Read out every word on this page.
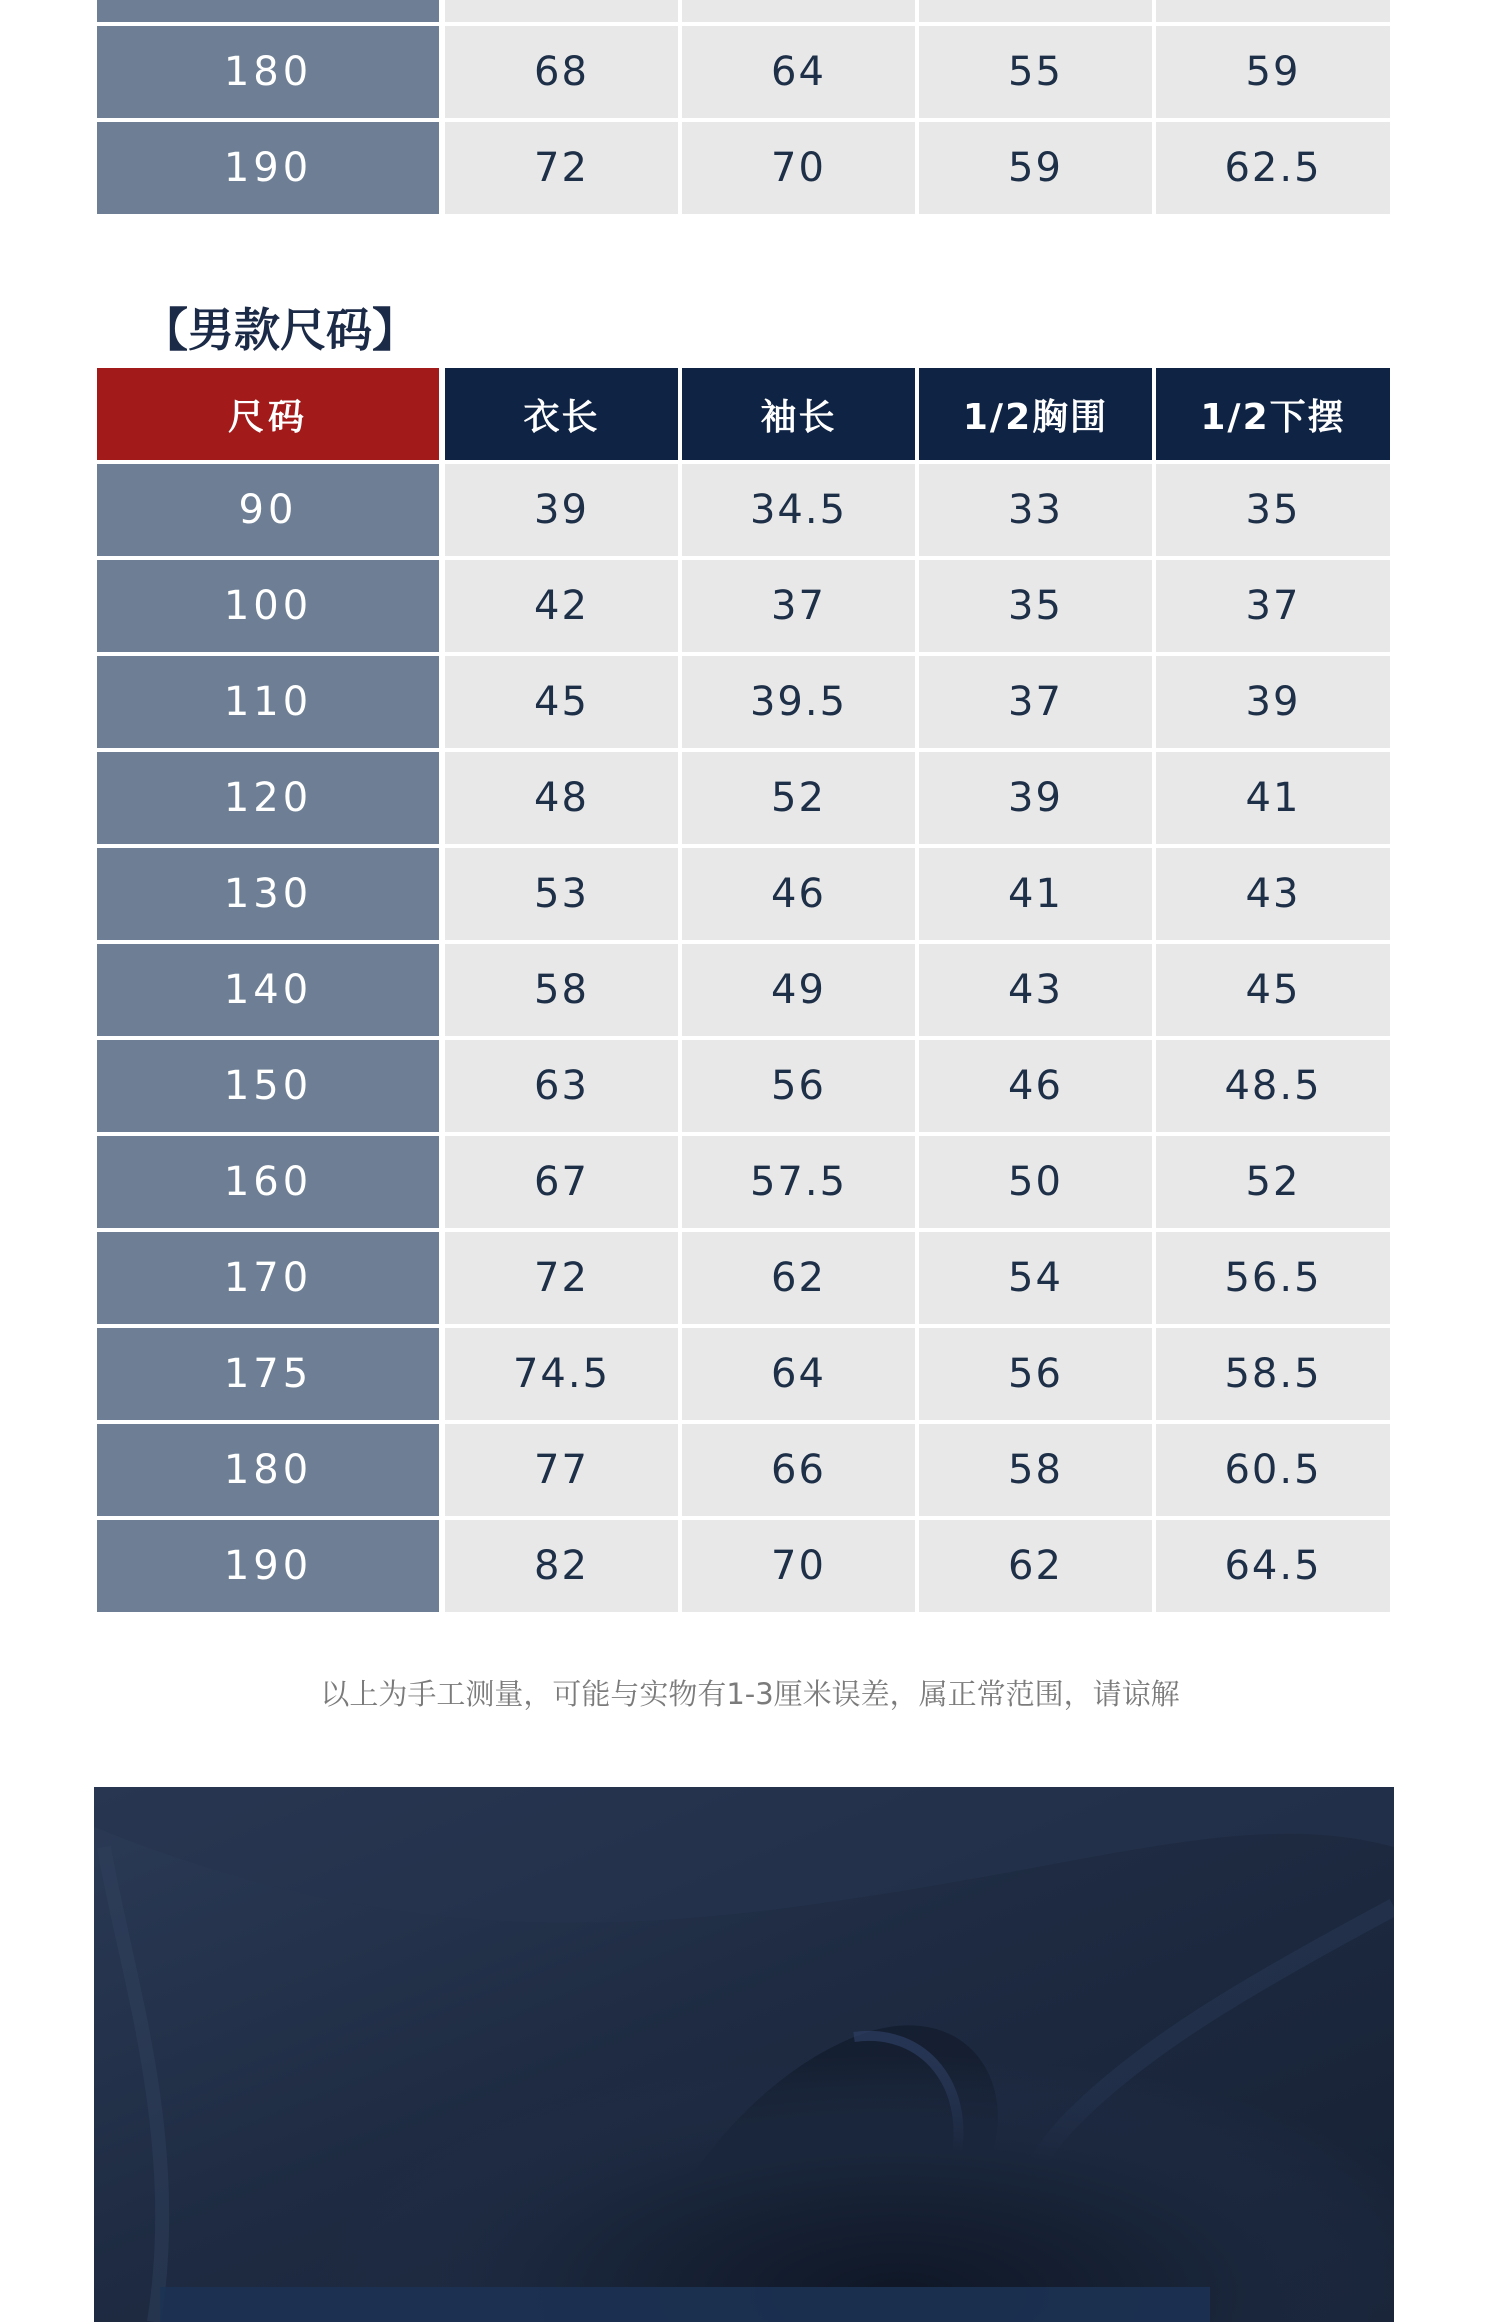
180	68	64	55	59
190	72	70	59	62.5
【男款尺码】
尺码	衣长	袖长	1/2胸围	1/2下摆
90	39	34.5	33	35
100	42	37	35	37
110	45	39.5	37	39
120	48	52	39	41
130	53	46	41	43
140	58	49	43	45
150	63	56	46	48.5
160	67	57.5	50	52
170	72	62	54	56.5
175	74.5	64	56	58.5
180	77	66	58	60.5
190	82	70	62	64.5

以上为手工测量，可能与实物有1-3厘米误差，属正常范围，请谅解
